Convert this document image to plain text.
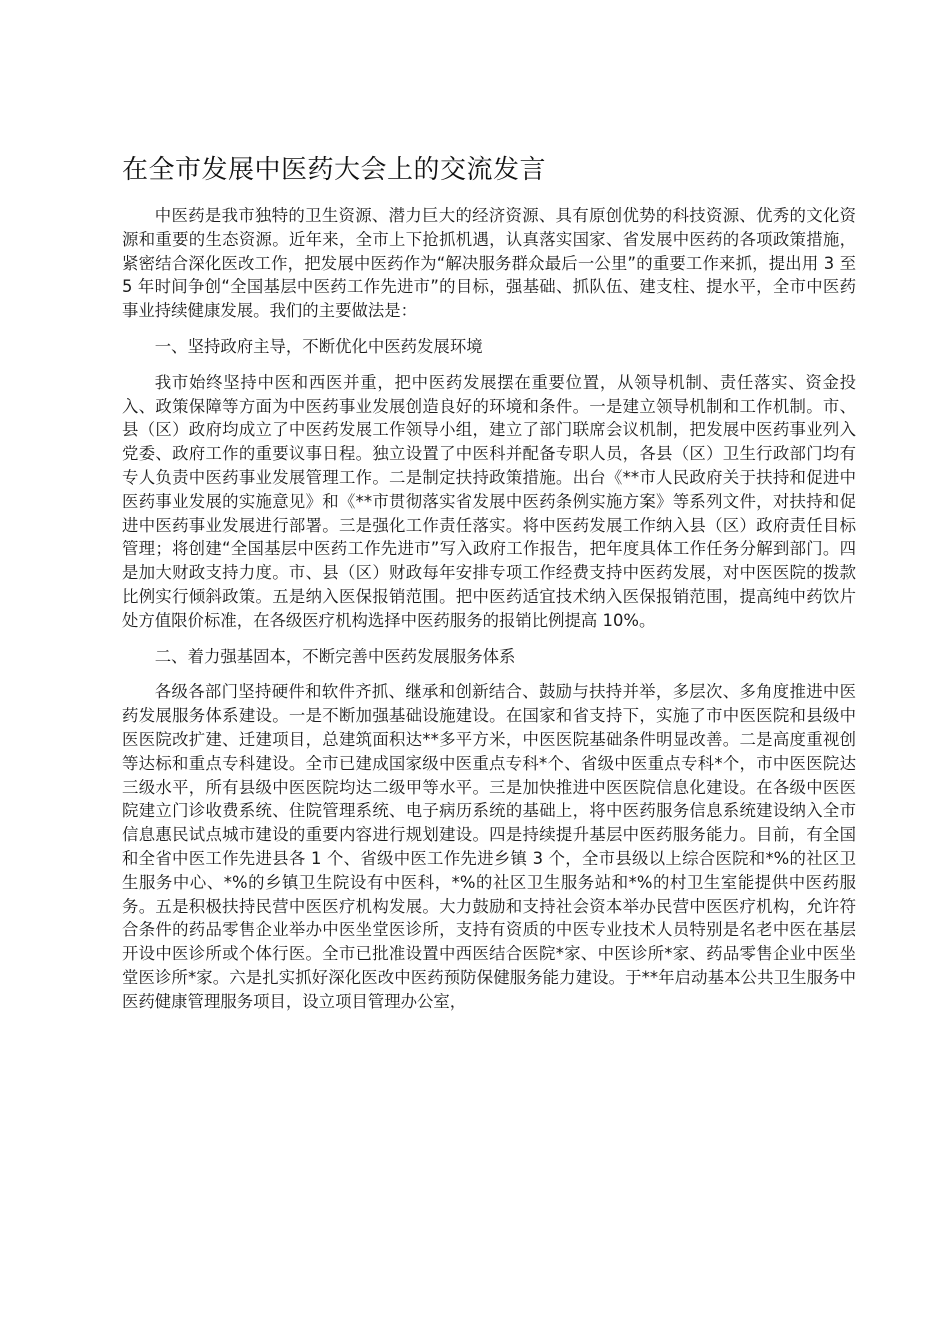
在全市发展中医药大会上的交流发言

中医药是我市独特的卫生资源、潜力巨大的经济资源、具有原创优势的科技资源、优秀的文化资源和重要的生态资源。近年来，全市上下抢抓机遇，认真落实国家、省发展中医药的各项政策措施，紧密结合深化医改工作，把发展中医药作为“解决服务群众最后一公里”的重要工作来抓，提出用 3 至 5 年时间争创“全国基层中医药工作先进市”的目标，强基础、抓队伍、建支柱、提水平，全市中医药事业持续健康发展。我们的主要做法是：

一、坚持政府主导，不断优化中医药发展环境

我市始终坚持中医和西医并重，把中医药发展摆在重要位置，从领导机制、责任落实、资金投入、政策保障等方面为中医药事业发展创造良好的环境和条件。一是建立领导机制和工作机制。市、县（区）政府均成立了中医药发展工作领导小组，建立了部门联席会议机制，把发展中医药事业列入党委、政府工作的重要议事日程。独立设置了中医科并配备专职人员，各县（区）卫生行政部门均有专人负责中医药事业发展管理工作。二是制定扶持政策措施。出台《**市人民政府关于扶持和促进中医药事业发展的实施意见》和《**市贯彻落实省发展中医药条例实施方案》等系列文件，对扶持和促进中医药事业发展进行部署。三是强化工作责任落实。将中医药发展工作纳入县（区）政府责任目标管理；将创建“全国基层中医药工作先进市”写入政府工作报告，把年度具体工作任务分解到部门。四是加大财政支持力度。市、县（区）财政每年安排专项工作经费支持中医药发展，对中医医院的拨款比例实行倾斜政策。五是纳入医保报销范围。把中医药适宜技术纳入医保报销范围，提高纯中药饮片处方值限价标准，在各级医疗机构选择中医药服务的报销比例提高 10%。

二、着力强基固本，不断完善中医药发展服务体系

各级各部门坚持硬件和软件齐抓、继承和创新结合、鼓励与扶持并举，多层次、多角度推进中医药发展服务体系建设。一是不断加强基础设施建设。在国家和省支持下，实施了市中医医院和县级中医医院改扩建、迁建项目，总建筑面积达**多平方米，中医医院基础条件明显改善。二是高度重视创等达标和重点专科建设。全市已建成国家级中医重点专科*个、省级中医重点专科*个，市中医医院达三级水平，所有县级中医医院均达二级甲等水平。三是加快推进中医医院信息化建设。在各级中医医院建立门诊收费系统、住院管理系统、电子病历系统的基础上，将中医药服务信息系统建设纳入全市信息惠民试点城市建设的重要内容进行规划建设。四是持续提升基层中医药服务能力。目前，有全国和全省中医工作先进县各 1 个、省级中医工作先进乡镇 3 个，全市县级以上综合医院和*%的社区卫生服务中心、*%的乡镇卫生院设有中医科，*%的社区卫生服务站和*%的村卫生室能提供中医药服务。五是积极扶持民营中医医疗机构发展。大力鼓励和支持社会资本举办民营中医医疗机构，允许符合条件的药品零售企业举办中医坐堂医诊所，支持有资质的中医专业技术人员特别是名老中医在基层开设中医诊所或个体行医。全市已批准设置中西医结合医院*家、中医诊所*家、药品零售企业中医坐堂医诊所*家。六是扎实抓好深化医改中医药预防保健服务能力建设。于**年启动基本公共卫生服务中医药健康管理服务项目，设立项目管理办公室，
